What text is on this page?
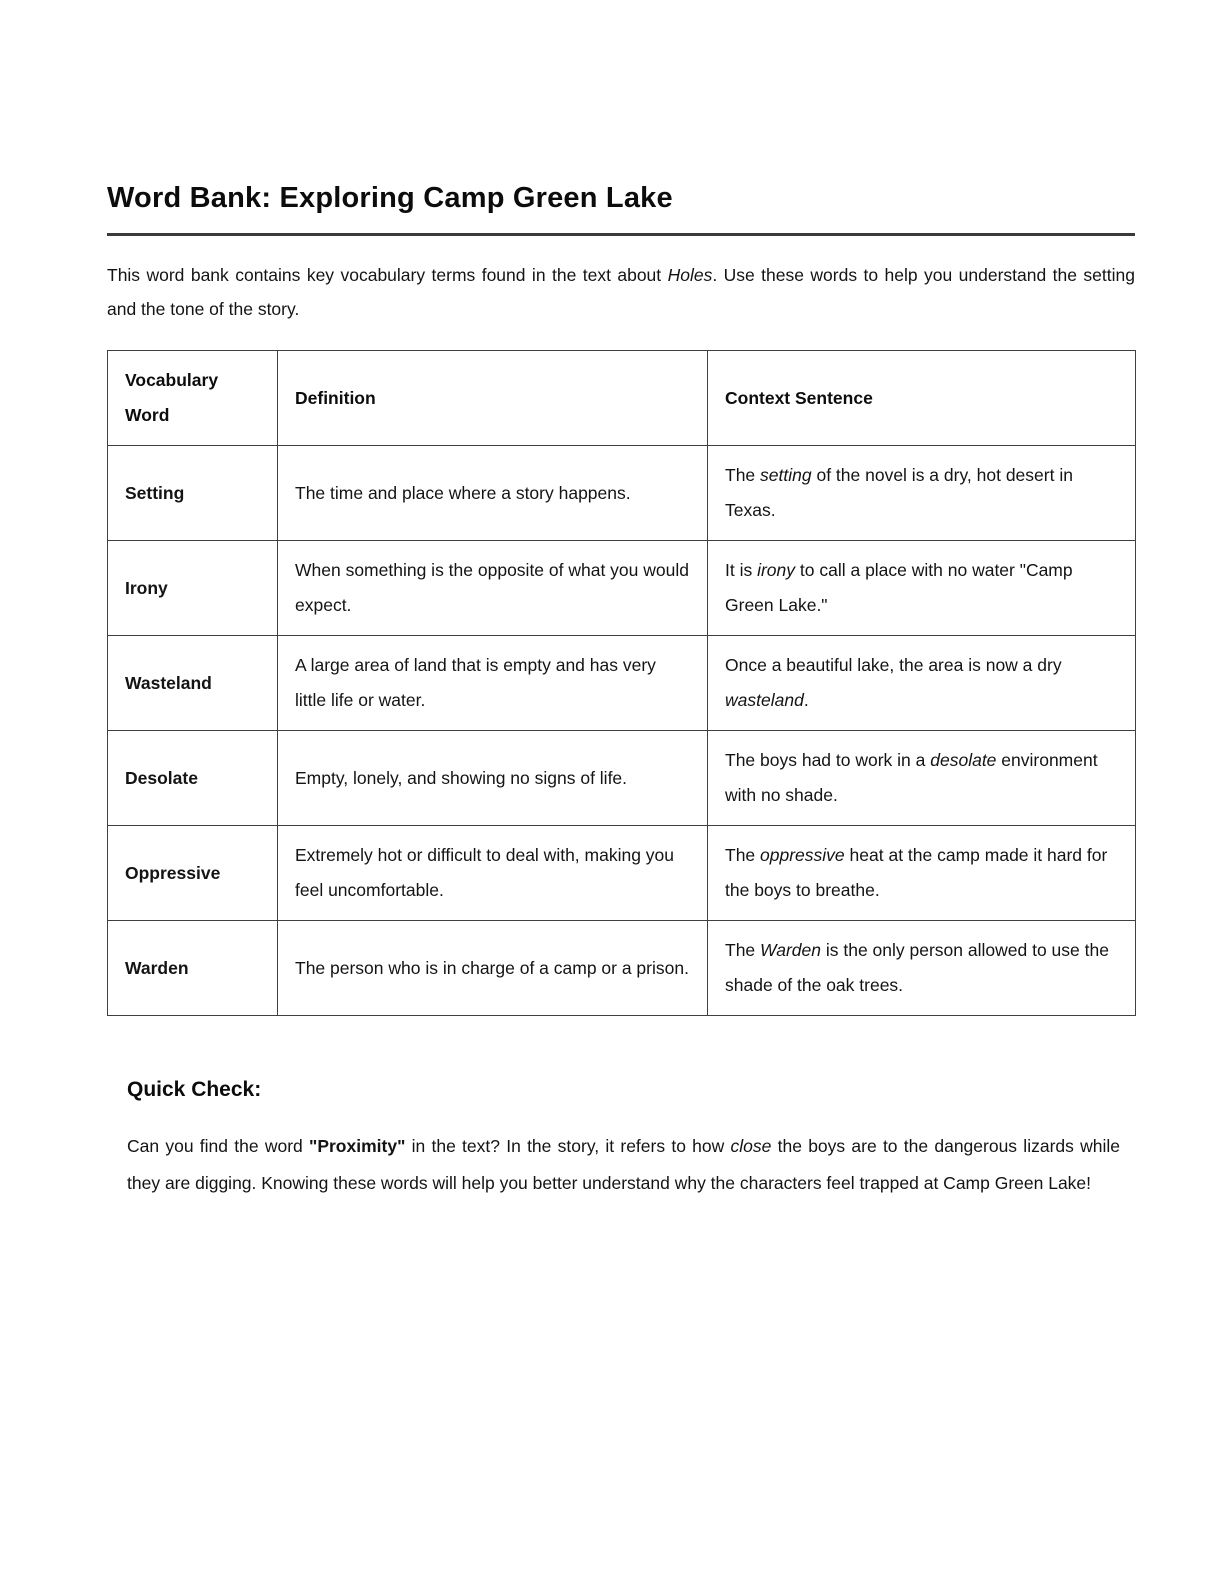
Word Bank: Exploring Camp Green Lake

This word bank contains key vocabulary terms found in the text about Holes. Use these words to help you understand the setting and the tone of the story.

Vocabulary Word	Definition	Context Sentence
Setting	The time and place where a story happens.	The setting of the novel is a dry, hot desert in Texas.
Irony	When something is the opposite of what you would expect.	It is irony to call a place with no water "Camp Green Lake."
Wasteland	A large area of land that is empty and has very little life or water.	Once a beautiful lake, the area is now a dry wasteland.
Desolate	Empty, lonely, and showing no signs of life.	The boys had to work in a desolate environment with no shade.
Oppressive	Extremely hot or difficult to deal with, making you feel uncomfortable.	The oppressive heat at the camp made it hard for the boys to breathe.
Warden	The person who is in charge of a camp or a prison.	The Warden is the only person allowed to use the shade of the oak trees.
Quick Check:

Can you find the word "Proximity" in the text? In the story, it refers to how close the boys are to the dangerous lizards while they are digging. Knowing these words will help you better understand why the characters feel trapped at Camp Green Lake!
